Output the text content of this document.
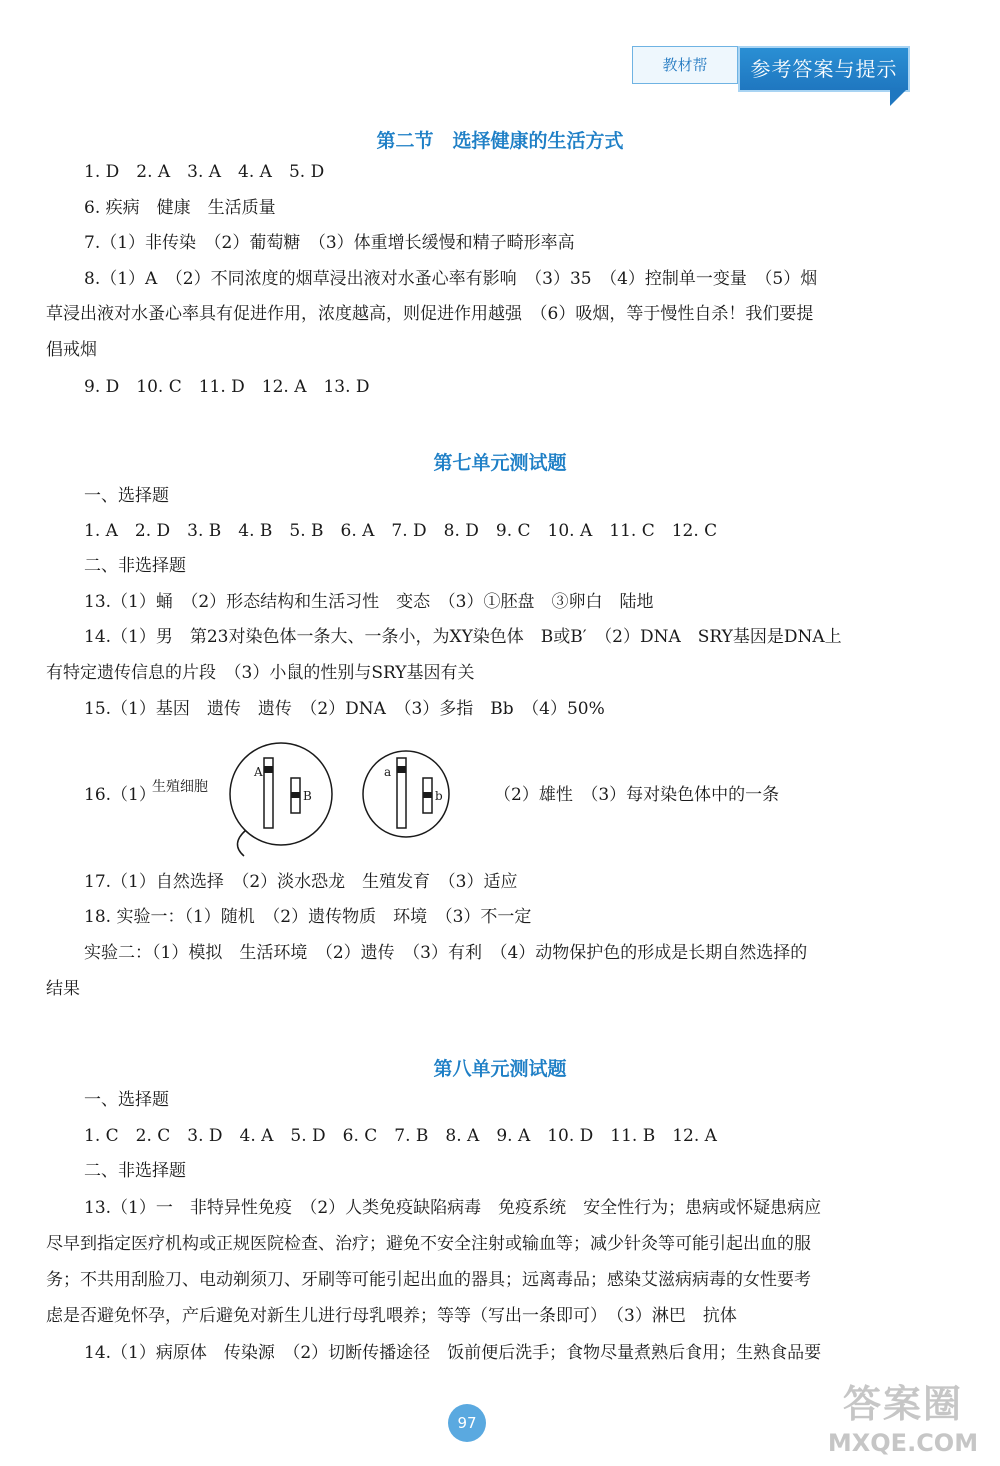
教材帮	参考答案与提示
第二节　选择健康的生活方式
1. D　2. A　3. A　4. A　5. D
6. 疾病　健康　生活质量
7.（1）非传染　（2）葡萄糖　（3）体重增长缓慢和精子畸形率高
8.（1）A　（2）不同浓度的烟草浸出液对水蚤心率有影响　（3）35　（4）控制单一变量　（5）烟
草浸出液对水蚤心率具有促进作用，浓度越高，则促进作用越强　（6）吸烟，等于慢性自杀！我们要提
倡戒烟
9. D　10. C　11. D　12. A　13. D
第七单元测试题
一、选择题
1. A　2. D　3. B　4. B　5. B　6. A　7. D　8. D　9. C　10. A　11. C　12. C
二、非选择题
13.（1）蛹　（2）形态结构和生活习性　变态　（3）①胚盘　③卵白　陆地
14.（1）男　第23对染色体一条大、一条小，为XY染色体　B或B′　（2）DNA　SRY基因是DNA上
有特定遗传信息的片段　（3）小鼠的性别与SRY基因有关
15.（1）基因　遗传　遗传　（2）DNA　（3）多指　Bb　（4）50%
16.（1）
生殖细胞
A
B
a
b	（2）雄性　（3）每对染色体中的一条
17.（1）自然选择　（2）淡水恐龙　生殖发育　（3）适应
18. 实验一：（1）随机　（2）遗传物质　环境　（3）不一定
实验二：（1）模拟　生活环境　（2）遗传　（3）有利　（4）动物保护色的形成是长期自然选择的
结果
第八单元测试题
一、选择题
1. C　2. C　3. D　4. A　5. D　6. C　7. B　8. A　9. A　10. D　11. B　12. A
二、非选择题
13.（1）一　非特异性免疫　（2）人类免疫缺陷病毒　免疫系统　安全性行为；患病或怀疑患病应
尽早到指定医疗机构或正规医院检查、治疗；避免不安全注射或输血等；减少针灸等可能引起出血的服
务；不共用刮脸刀、电动剃须刀、牙刷等可能引起出血的器具；远离毒品；感染艾滋病病毒的女性要考
虑是否避免怀孕，产后避免对新生儿进行母乳喂养；等等（写出一条即可）　（3）淋巴　抗体
14.（1）病原体　传染源　（2）切断传播途径　饭前便后洗手；食物尽量煮熟后食用；生熟食品要
97	答案圈
MXQE.COM
